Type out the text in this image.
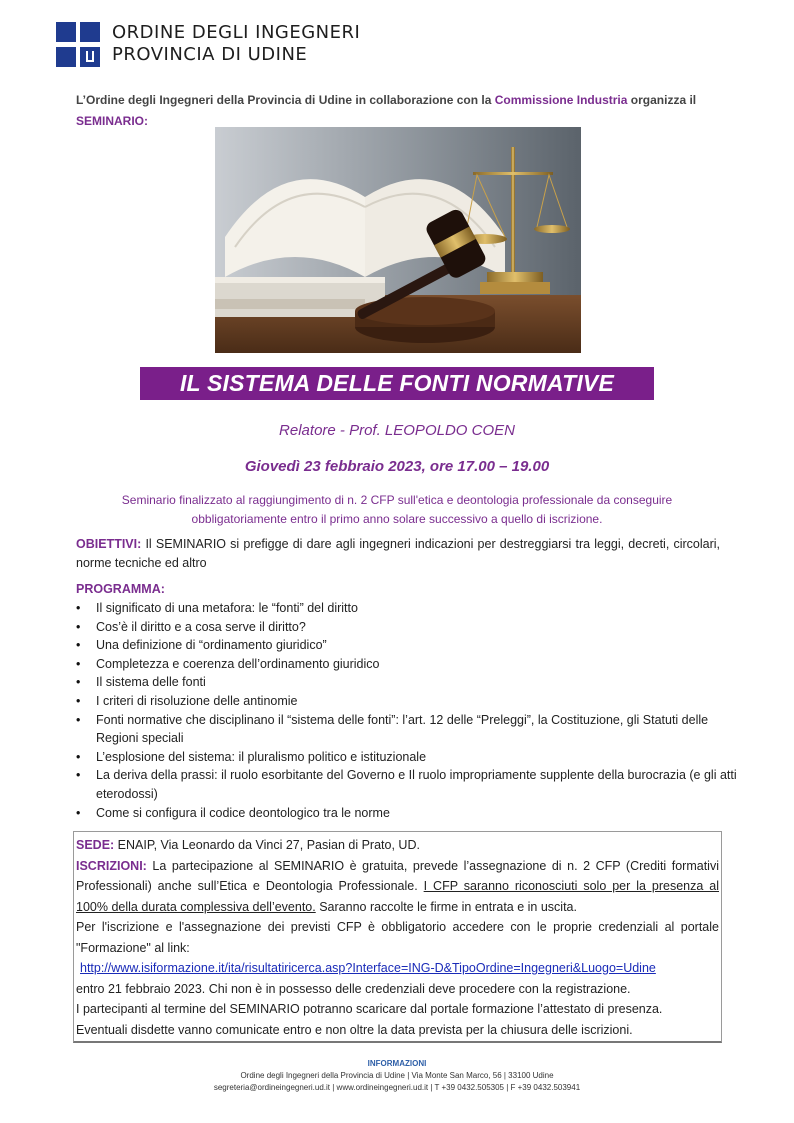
ORDINE DEGLI INGEGNERI
PROVINCIA DI UDINE
L’Ordine degli Ingegneri della Provincia di Udine in collaborazione con la Commissione Industria organizza il
SEMINARIO:
IL SISTEMA DELLE FONTI NORMATIVE
Relatore - Prof. LEOPOLDO COEN
Giovedì 23 febbraio 2023, ore 17.00 – 19.00
Seminario finalizzato al raggiungimento di n. 2 CFP sull'etica e deontologia professionale da conseguire
obbligatoriamente entro il primo anno solare successivo a quello di iscrizione.
OBIETTIVI: Il SEMINARIO si prefigge di dare agli ingegneri indicazioni per destreggiarsi tra leggi, decreti, circolari, norme tecniche ed altro
PROGRAMMA:
• Il significato di una metafora: le “fonti” del diritto
• Cos’è il diritto e a cosa serve il diritto?
• Una definizione di “ordinamento giuridico”
• Completezza e coerenza dell’ordinamento giuridico
• Il sistema delle fonti
• I criteri di risoluzione delle antinomie
• Fonti normative che disciplinano il “sistema delle fonti”: l’art. 12 delle “Preleggi”, la Costituzione, gli Statuti delle Regioni speciali
• L’esplosione del sistema: il pluralismo politico e istituzionale
• La deriva della prassi: il ruolo esorbitante del Governo e Il ruolo impropriamente supplente della burocrazia (e gli atti eterodossi)
• Come si configura il codice deontologico tra le norme

SEDE: ENAIP, Via Leonardo da Vinci 27, Pasian di Prato, UD.

ISCRIZIONI: La partecipazione al SEMINARIO è gratuita, prevede l’assegnazione di n. 2 CFP (Crediti formativi Professionali) anche sull’Etica e Deontologia Professionale. I CFP saranno riconosciuti solo per la presenza al 100% della durata complessiva dell’evento. Saranno raccolte le firme in entrata e in uscita.

Per l'iscrizione e l'assegnazione dei previsti CFP è obbligatorio accedere con le proprie credenziali al portale "Formazione" al link:

http://www.isiformazione.it/ita/risultatiricerca.asp?Interface=ING-D&TipoOrdine=Ingegneri&Luogo=Udine

entro 21 febbraio 2023. Chi non è in possesso delle credenziali deve procedere con la registrazione.

I partecipanti al termine del SEMINARIO potranno scaricare dal portale formazione l’attestato di presenza.

Eventuali disdette vanno comunicate entro e non oltre la data prevista per la chiusura delle iscrizioni.

INFORMAZIONI
Ordine degli Ingegneri della Provincia di Udine | Via Monte San Marco, 56 | 33100 Udine
segreteria@ordineingegneri.ud.it | www.ordineingegneri.ud.it | T +39 0432.505305 | F +39 0432.503941
